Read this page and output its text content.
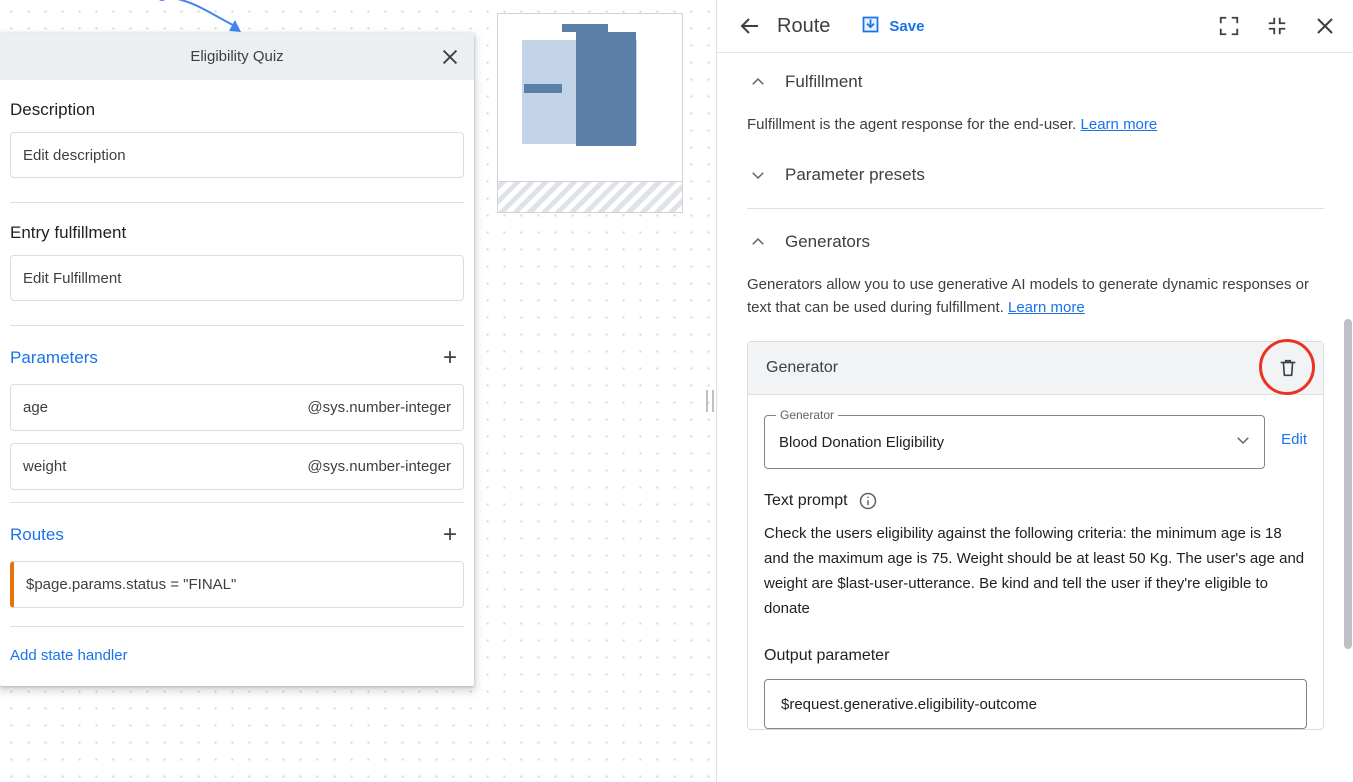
Eligibility Quiz
Description
Edit description
Entry fulfillment
Edit Fulfillment
Parameters	+
age	@sys.number-integer
weight	@sys.number-integer
Routes	+
$page.params.status = "FINAL"
Add state handler
Route	Save
Fulfillment
Fulfillment is the agent response for the end-user. Learn more
Parameter presets
Generators
Generators allow you to use generative AI models to generate dynamic responses or text that can be used during fulfillment. Learn more
Generator
Generator
Blood Donation Eligibility	Edit
Text prompt
Check the users eligibility against the following criteria: the minimum age is 18 and the maximum age is 75. Weight should be at least 50 Kg. The user's age and weight are $last-user-utterance. Be kind and tell the user if they're eligible to donate
Output parameter
$request.generative.eligibility-outcome
